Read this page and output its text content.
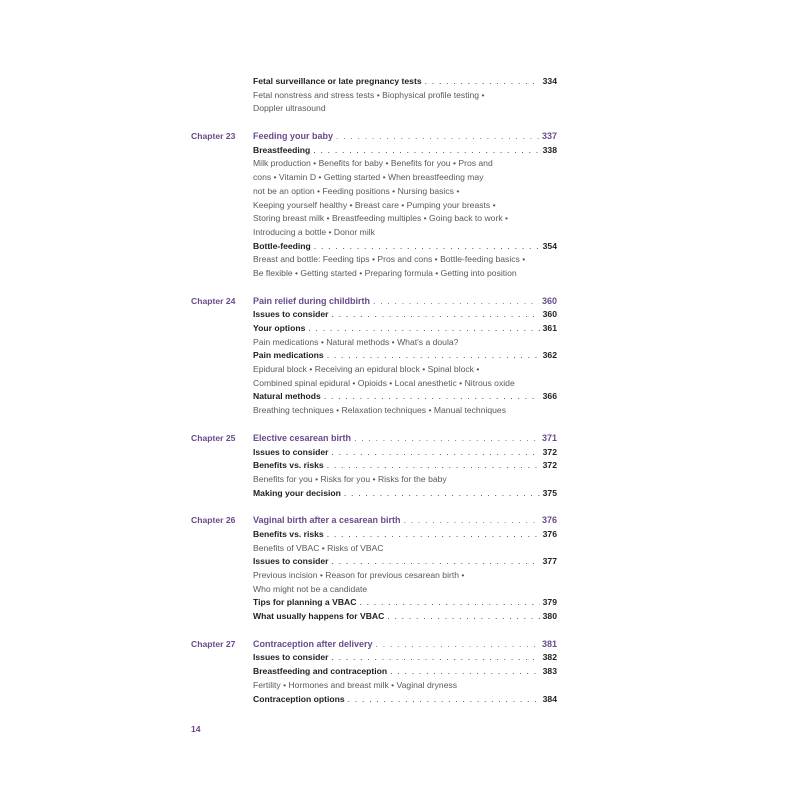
Fetal surveillance or late pregnancy tests . . .	334
Fetal nonstress and stress tests • Biophysical profile testing •
Doppler ultrasound
Chapter 23	Feeding your baby . . .	337
Breastfeeding . . .	338
Milk production • Benefits for baby • Benefits for you • Pros and
cons • Vitamin D • Getting started • When breastfeeding may
not be an option • Feeding positions • Nursing basics •
Keeping yourself healthy • Breast care • Pumping your breasts •
Storing breast milk • Breastfeeding multiples • Going back to work •
Introducing a bottle • Donor milk
Bottle-feeding . . .	354
Breast and bottle: Feeding tips • Pros and cons • Bottle-feeding basics •
Be flexible • Getting started • Preparing formula • Getting into position
Chapter 24	Pain relief during childbirth . . .	360
Issues to consider . . .	360
Your options . . .	361
Pain medications • Natural methods • What's a doula?
Pain medications . . .	362
Epidural block • Receiving an epidural block • Spinal block •
Combined spinal epidural • Opioids • Local anesthetic • Nitrous oxide
Natural methods . . .	366
Breathing techniques • Relaxation techniques • Manual techniques
Chapter 25	Elective cesarean birth . . .	371
Issues to consider . . .	372
Benefits vs. risks . . .	372
Benefits for you • Risks for you • Risks for the baby
Making your decision . . .	375
Chapter 26	Vaginal birth after a cesarean birth . . .	376
Benefits vs. risks . . .	376
Benefits of VBAC • Risks of VBAC
Issues to consider . . .	377
Previous incision • Reason for previous cesarean birth •
Who might not be a candidate
Tips for planning a VBAC . . .	379
What usually happens for VBAC . . .	380
Chapter 27	Contraception after delivery . . .	381
Issues to consider . . .	382
Breastfeeding and contraception . . .	383
Fertility • Hormones and breast milk • Vaginal dryness
Contraception options . . .	384
14
